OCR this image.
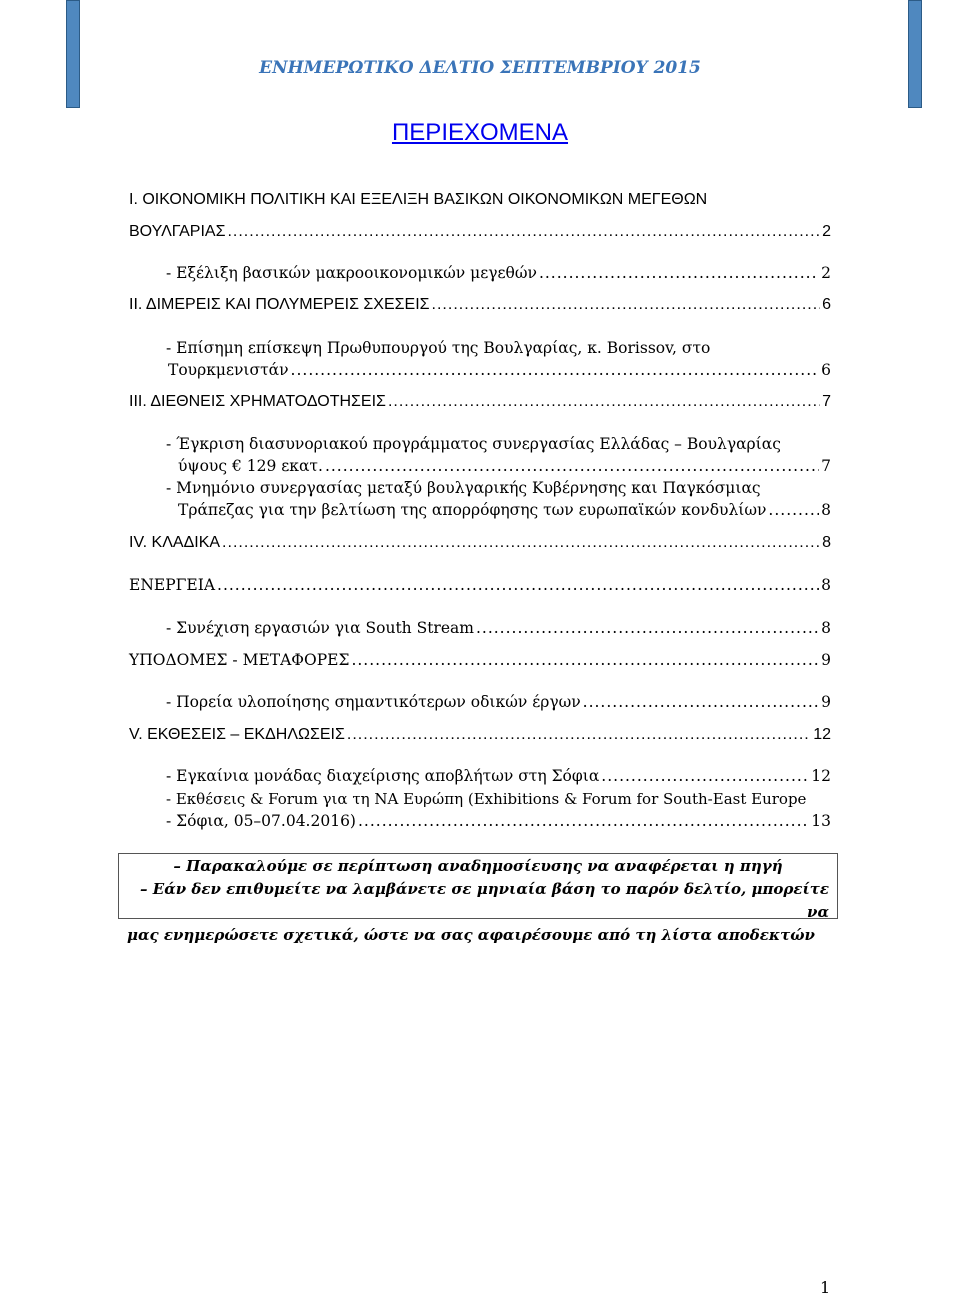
ΕΝΗΜΕΡΩΤΙΚΟ ΔΕΛΤΙΟ ΣΕΠΤΕΜΒΡΙΟΥ 2015
ΠΕΡΙΕΧΟΜΕΝΑ
Ι. ΟΙΚΟΝΟΜΙΚΗ ΠΟΛΙΤΙΚΗ ΚΑΙ ΕΞΕΛΙΞΗ ΒΑΣΙΚΩΝ ΟΙΚΟΝΟΜΙΚΩΝ ΜΕΓΕΘΩΝ
ΒΟΥΛΓΑΡΙΑΣ .....	2
- Εξέλιξη βασικών μακροοικονομικών μεγεθών .....	2
ΙΙ. ΔΙΜΕΡΕΙΣ ΚΑΙ ΠΟΛΥΜΕΡΕΙΣ ΣΧΕΣΕΙΣ .....	6
- Επίσημη επίσκεψη Πρωθυπουργού της Βουλγαρίας, κ. Borissov, στο
Τουρκμενιστάν .....	6
ΙΙΙ. ΔΙΕΘΝΕΙΣ ΧΡΗΜΑΤΟΔΟΤΗΣΕΙΣ .....	7
- Έγκριση διασυνοριακού προγράμματος συνεργασίας Ελλάδας – Βουλγαρίας
ύψους € 129 εκατ. .....	7
- Μνημόνιο συνεργασίας μεταξύ βουλγαρικής Κυβέρνησης και Παγκόσμιας
Τράπεζας για την βελτίωση της απορρόφησης των ευρωπαϊκών κονδυλίων .....	8
IV. ΚΛΑΔΙΚΑ .....	8
ΕΝΕΡΓΕΙΑ .....	8
- Συνέχιση εργασιών για South Stream .....	8
ΥΠΟΔΟΜΕΣ - ΜΕΤΑΦΟΡΕΣ .....	9
- Πορεία υλοποίησης σημαντικότερων οδικών έργων .....	9
V. ΕΚΘΕΣΕΙΣ – ΕΚΔΗΛΩΣΕΙΣ .....	12
- Εγκαίνια μονάδας διαχείρισης αποβλήτων στη Σόφια .....	12
- Εκθέσεις & Forum για τη ΝΑ Ευρώπη (Exhibitions & Forum for South-East Europe
- Σόφια, 05–07.04.2016) .....	13
– Παρακαλούμε σε περίπτωση αναδημοσίευσης να αναφέρεται η πηγή
– Εάν δεν επιθυμείτε να λαμβάνετε σε μηνιαία βάση το παρόν δελτίο, μπορείτε να
μας ενημερώσετε σχετικά, ώστε να σας αφαιρέσουμε από τη λίστα αποδεκτών
1
